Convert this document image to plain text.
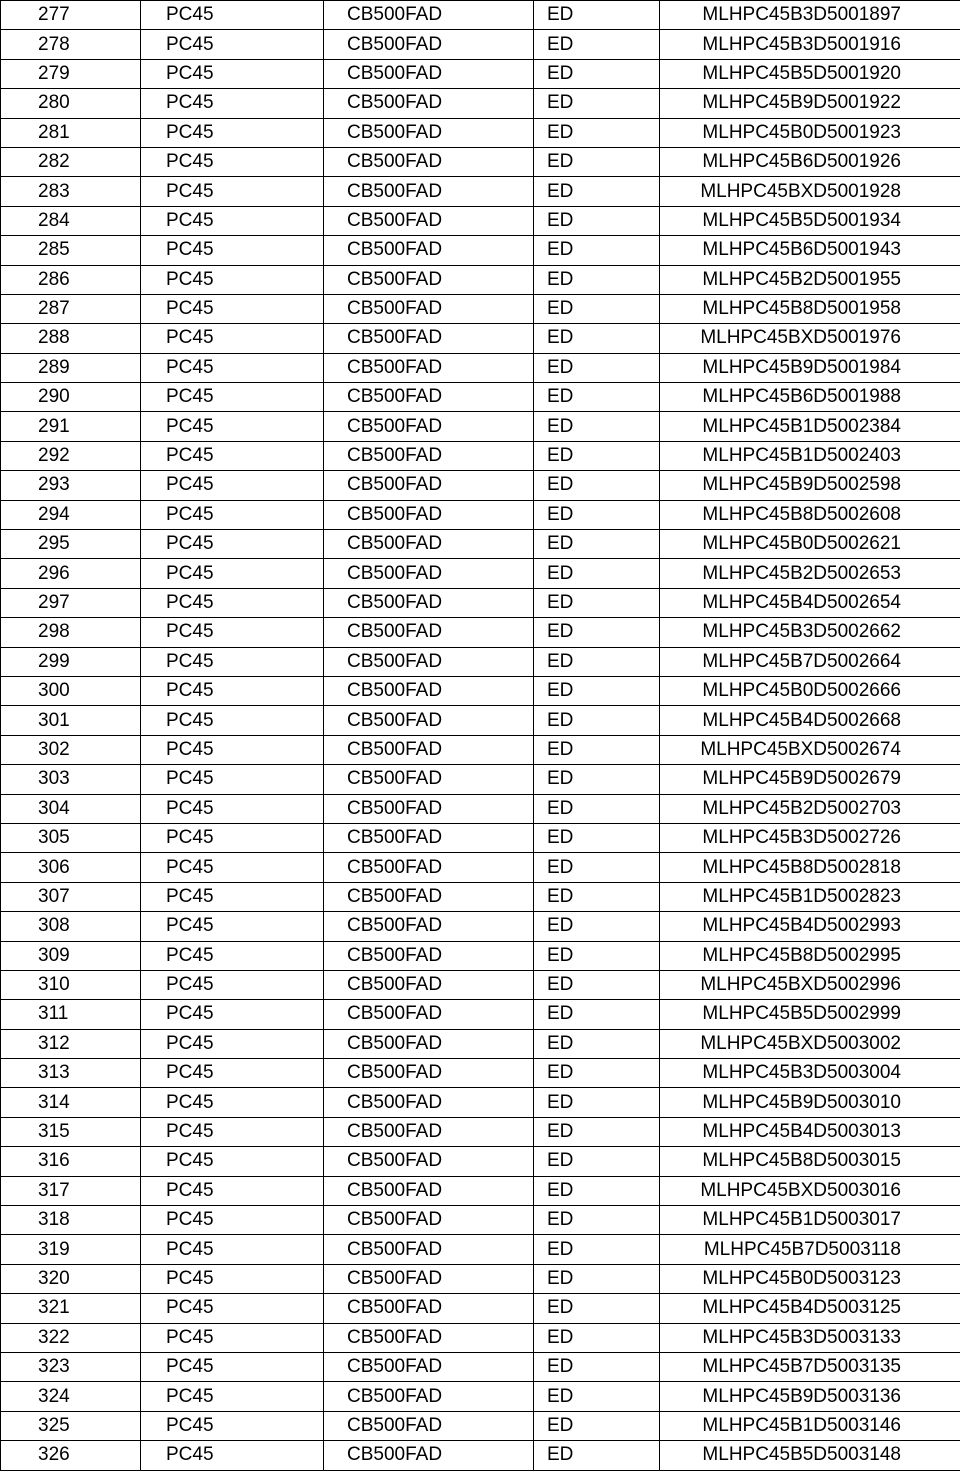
277	PC45	CB500FAD	ED	MLHPC45B3D5001897
278	PC45	CB500FAD	ED	MLHPC45B3D5001916
279	PC45	CB500FAD	ED	MLHPC45B5D5001920
280	PC45	CB500FAD	ED	MLHPC45B9D5001922
281	PC45	CB500FAD	ED	MLHPC45B0D5001923
282	PC45	CB500FAD	ED	MLHPC45B6D5001926
283	PC45	CB500FAD	ED	MLHPC45BXD5001928
284	PC45	CB500FAD	ED	MLHPC45B5D5001934
285	PC45	CB500FAD	ED	MLHPC45B6D5001943
286	PC45	CB500FAD	ED	MLHPC45B2D5001955
287	PC45	CB500FAD	ED	MLHPC45B8D5001958
288	PC45	CB500FAD	ED	MLHPC45BXD5001976
289	PC45	CB500FAD	ED	MLHPC45B9D5001984
290	PC45	CB500FAD	ED	MLHPC45B6D5001988
291	PC45	CB500FAD	ED	MLHPC45B1D5002384
292	PC45	CB500FAD	ED	MLHPC45B1D5002403
293	PC45	CB500FAD	ED	MLHPC45B9D5002598
294	PC45	CB500FAD	ED	MLHPC45B8D5002608
295	PC45	CB500FAD	ED	MLHPC45B0D5002621
296	PC45	CB500FAD	ED	MLHPC45B2D5002653
297	PC45	CB500FAD	ED	MLHPC45B4D5002654
298	PC45	CB500FAD	ED	MLHPC45B3D5002662
299	PC45	CB500FAD	ED	MLHPC45B7D5002664
300	PC45	CB500FAD	ED	MLHPC45B0D5002666
301	PC45	CB500FAD	ED	MLHPC45B4D5002668
302	PC45	CB500FAD	ED	MLHPC45BXD5002674
303	PC45	CB500FAD	ED	MLHPC45B9D5002679
304	PC45	CB500FAD	ED	MLHPC45B2D5002703
305	PC45	CB500FAD	ED	MLHPC45B3D5002726
306	PC45	CB500FAD	ED	MLHPC45B8D5002818
307	PC45	CB500FAD	ED	MLHPC45B1D5002823
308	PC45	CB500FAD	ED	MLHPC45B4D5002993
309	PC45	CB500FAD	ED	MLHPC45B8D5002995
310	PC45	CB500FAD	ED	MLHPC45BXD5002996
311	PC45	CB500FAD	ED	MLHPC45B5D5002999
312	PC45	CB500FAD	ED	MLHPC45BXD5003002
313	PC45	CB500FAD	ED	MLHPC45B3D5003004
314	PC45	CB500FAD	ED	MLHPC45B9D5003010
315	PC45	CB500FAD	ED	MLHPC45B4D5003013
316	PC45	CB500FAD	ED	MLHPC45B8D5003015
317	PC45	CB500FAD	ED	MLHPC45BXD5003016
318	PC45	CB500FAD	ED	MLHPC45B1D5003017
319	PC45	CB500FAD	ED	MLHPC45B7D5003118
320	PC45	CB500FAD	ED	MLHPC45B0D5003123
321	PC45	CB500FAD	ED	MLHPC45B4D5003125
322	PC45	CB500FAD	ED	MLHPC45B3D5003133
323	PC45	CB500FAD	ED	MLHPC45B7D5003135
324	PC45	CB500FAD	ED	MLHPC45B9D5003136
325	PC45	CB500FAD	ED	MLHPC45B1D5003146
326	PC45	CB500FAD	ED	MLHPC45B5D5003148
